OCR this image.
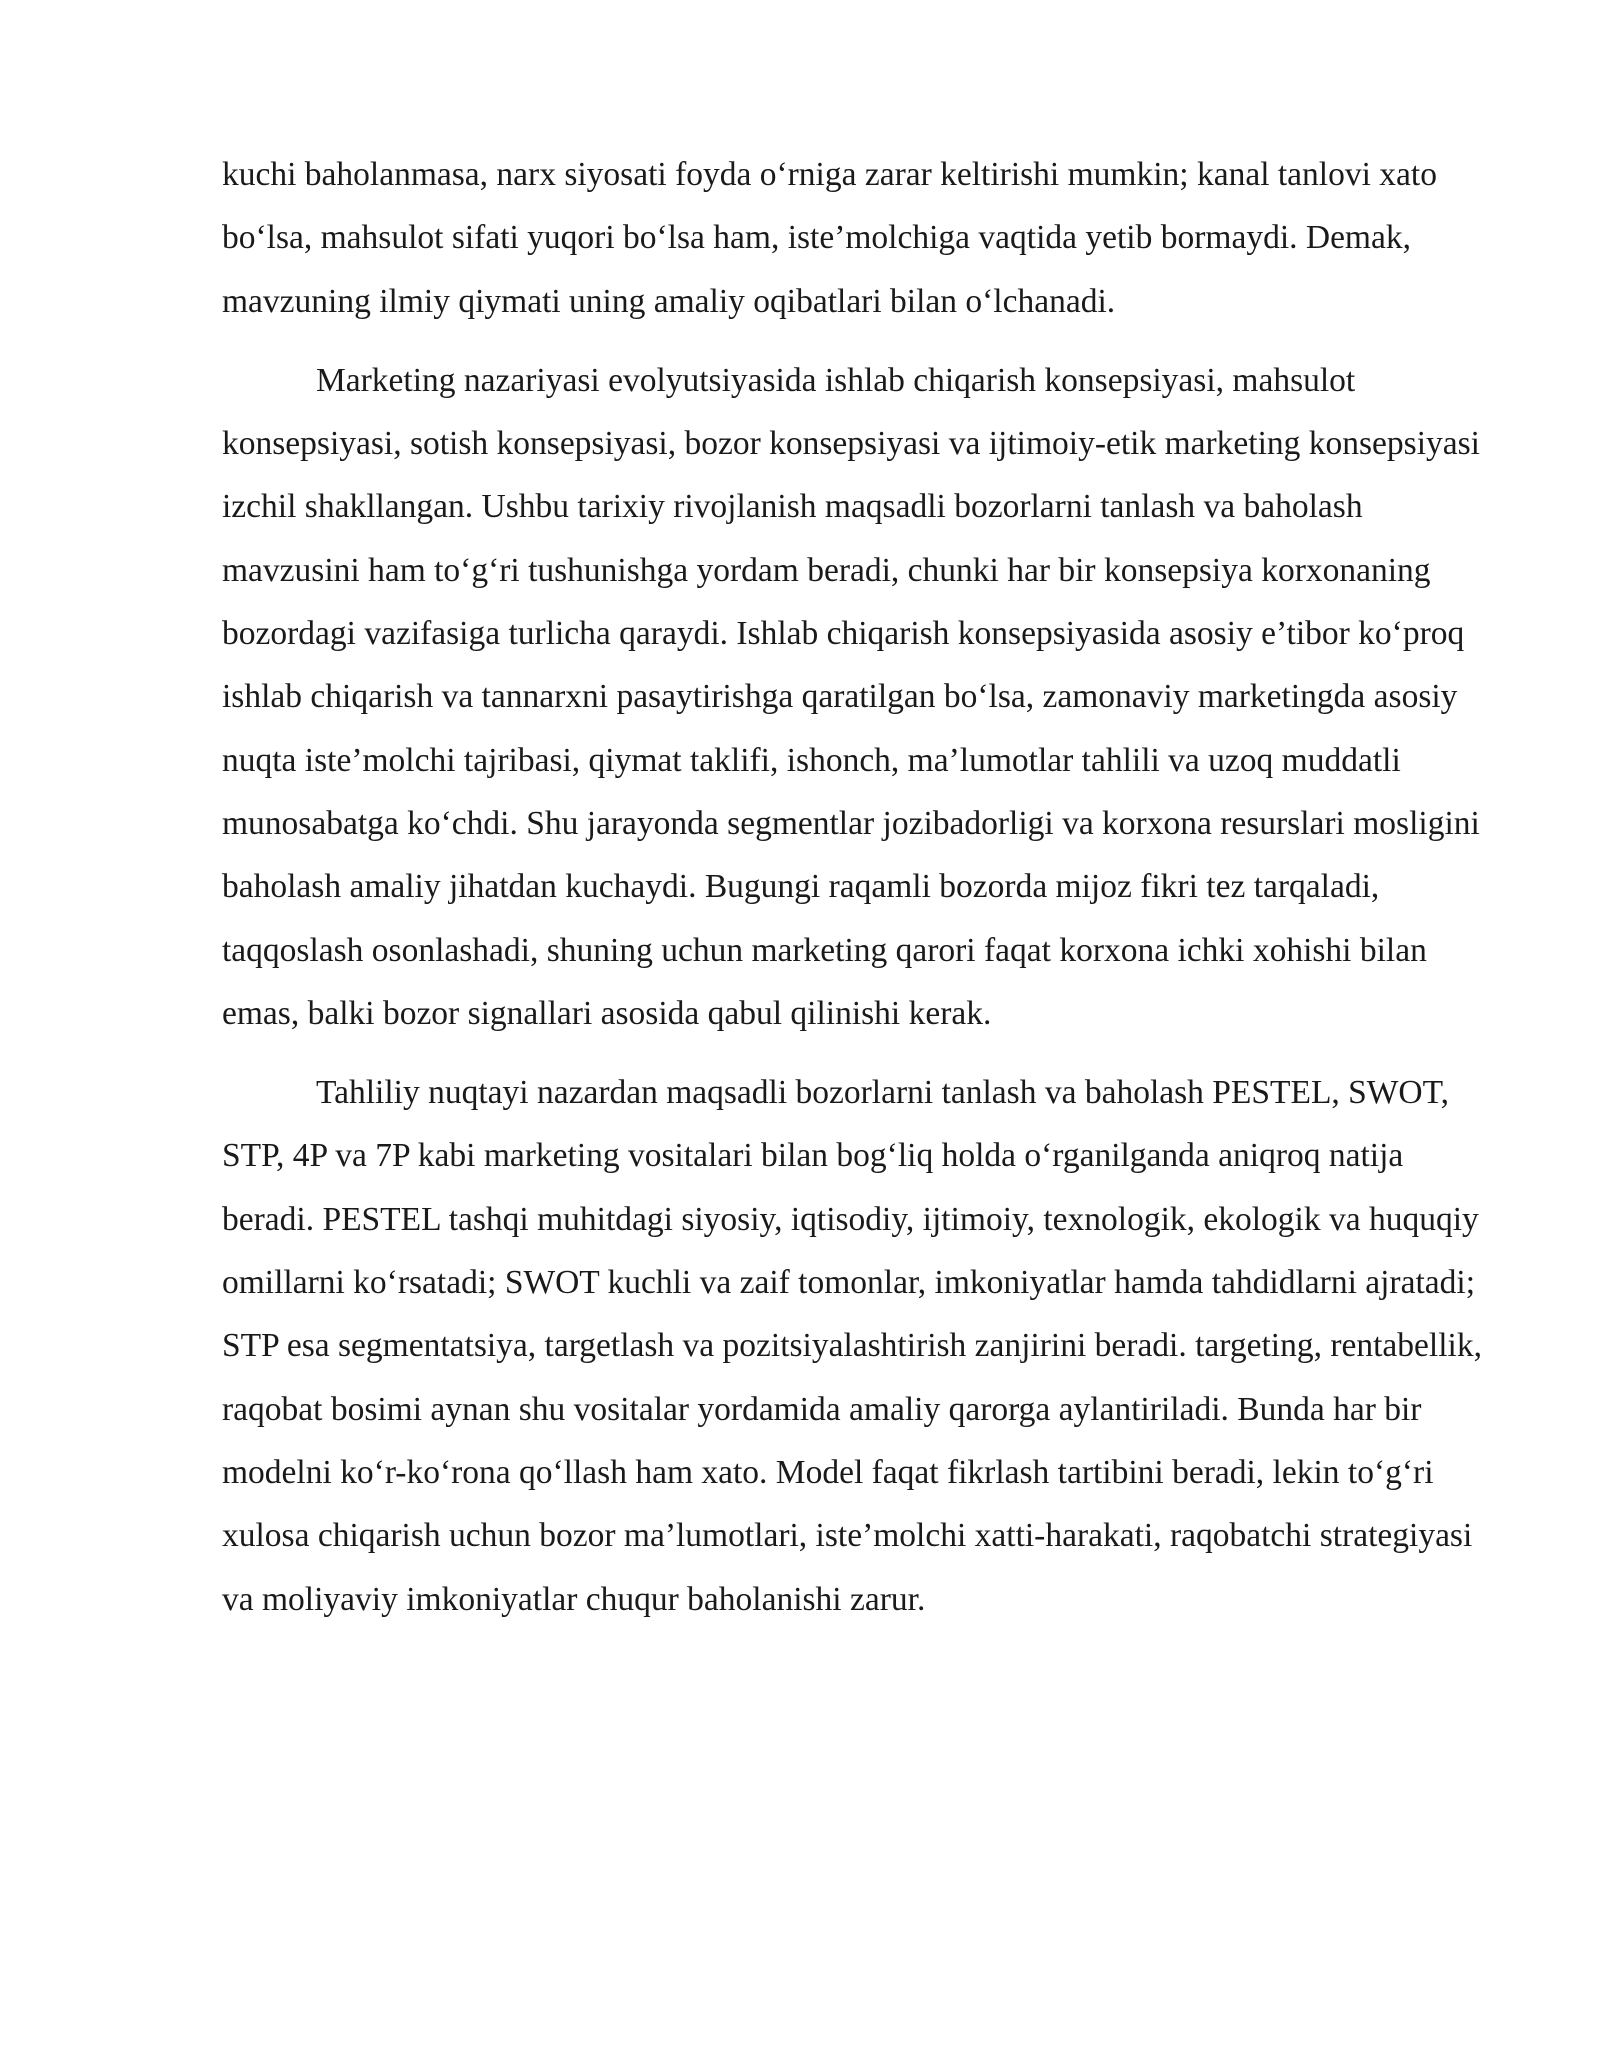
kuchi baholanmasa, narx siyosati foyda o‘rniga zarar keltirishi mumkin; kanal tanlovi xato bo‘lsa, mahsulot sifati yuqori bo‘lsa ham, iste’molchiga vaqtida yetib bormaydi. Demak, mavzuning ilmiy qiymati uning amaliy oqibatlari bilan o‘lchanadi.

Marketing nazariyasi evolyutsiyasida ishlab chiqarish konsepsiyasi, mahsulot konsepsiyasi, sotish konsepsiyasi, bozor konsepsiyasi va ijtimoiy-etik marketing konsepsiyasi izchil shakllangan. Ushbu tarixiy rivojlanish maqsadli bozorlarni tanlash va baholash mavzusini ham to‘g‘ri tushunishga yordam beradi, chunki har bir konsepsiya korxonaning bozordagi vazifasiga turlicha qaraydi. Ishlab chiqarish konsepsiyasida asosiy e’tibor ko‘proq ishlab chiqarish va tannarxni pasaytirishga qaratilgan bo‘lsa, zamonaviy marketingda asosiy nuqta iste’molchi tajribasi, qiymat taklifi, ishonch, ma’lumotlar tahlili va uzoq muddatli munosabatga ko‘chdi. Shu jarayonda segmentlar jozibadorligi va korxona resurslari mosligini baholash amaliy jihatdan kuchaydi. Bugungi raqamli bozorda mijoz fikri tez tarqaladi, taqqoslash osonlashadi, shuning uchun marketing qarori faqat korxona ichki xohishi bilan emas, balki bozor signallari asosida qabul qilinishi kerak.

Tahliliy nuqtayi nazardan maqsadli bozorlarni tanlash va baholash PESTEL, SWOT, STP, 4P va 7P kabi marketing vositalari bilan bog‘liq holda o‘rganilganda aniqroq natija beradi. PESTEL tashqi muhitdagi siyosiy, iqtisodiy, ijtimoiy, texnologik, ekologik va huquqiy omillarni ko‘rsatadi; SWOT kuchli va zaif tomonlar, imkoniyatlar hamda tahdidlarni ajratadi; STP esa segmentatsiya, targetlash va pozitsiyalashtirish zanjirini beradi. targeting, rentabellik, raqobat bosimi aynan shu vositalar yordamida amaliy qarorga aylantiriladi. Bunda har bir modelni ko‘r-ko‘rona qo‘llash ham xato. Model faqat fikrlash tartibini beradi, lekin to‘g‘ri xulosa chiqarish uchun bozor ma’lumotlari, iste’molchi xatti-harakati, raqobatchi strategiyasi va moliyaviy imkoniyatlar chuqur baholanishi zarur.
